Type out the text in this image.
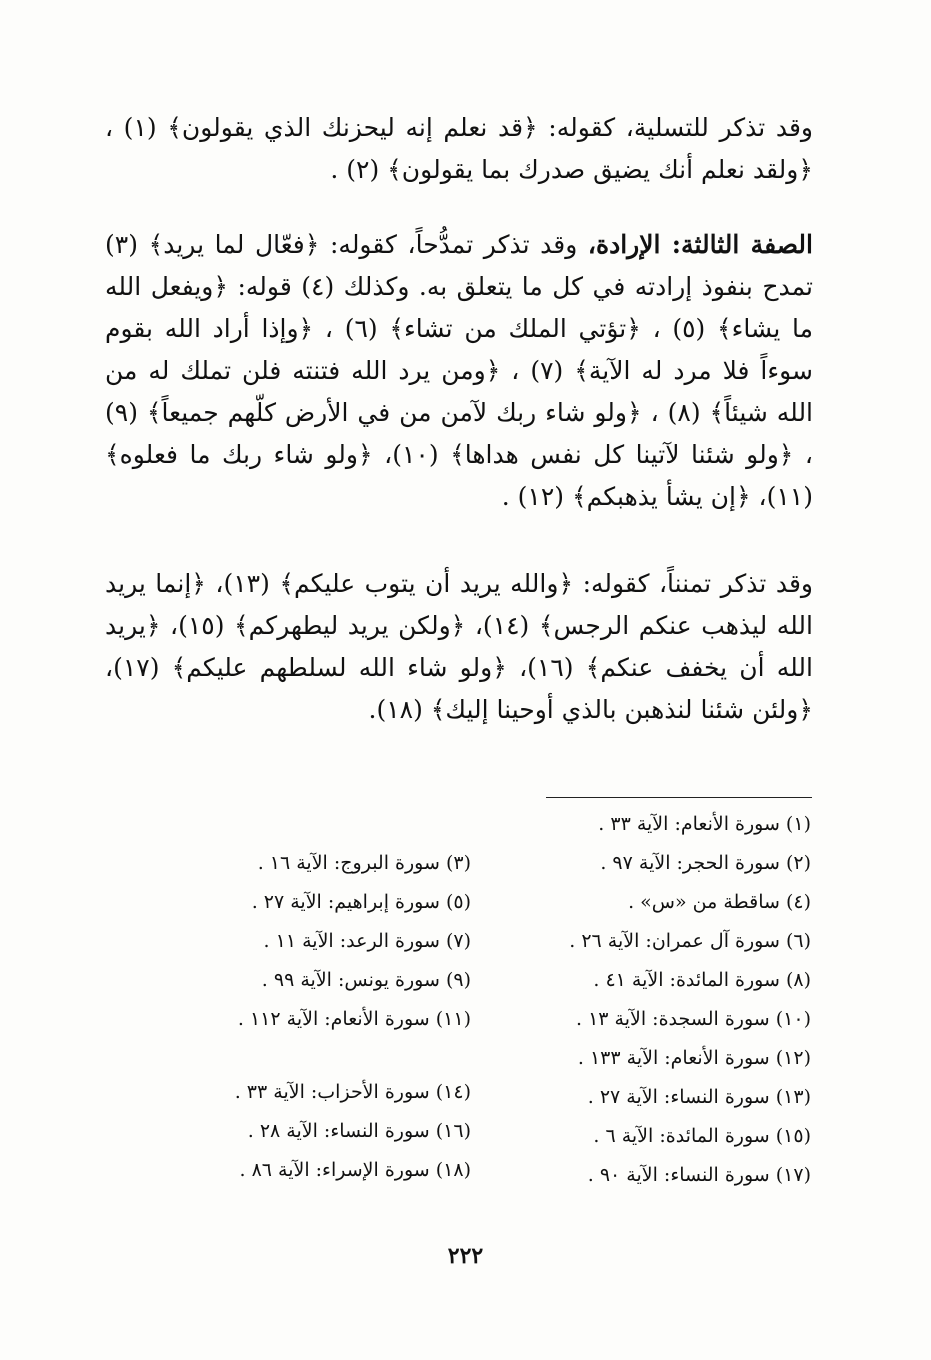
وقد تذكر للتسلية، كقوله: ﴿قد نعلم إنه ليحزنك الذي يقولون﴾ (١) ، ﴿ولقد نعلم أنك يضيق صدرك بما يقولون﴾ (٢) .

الصفة الثالثة: الإرادة، وقد تذكر تمدُّحاً، كقوله: ﴿فعّال لما يريد﴾ (٣) تمدح بنفوذ إرادته في كل ما يتعلق به. وكذلك (٤) قوله: ﴿ويفعل الله ما يشاء﴾ (٥) ، ﴿تؤتي الملك من تشاء﴾ (٦) ، ﴿وإذا أراد الله بقوم سوءاً فلا مرد له الآية﴾ (٧) ، ﴿ومن يرد الله فتنته فلن تملك له من الله شيئاً﴾ (٨) ، ﴿ولو شاء ربك لآمن من في الأرض كلّهم جميعاً﴾ (٩) ، ﴿ولو شئنا لآتينا كل نفس هداها﴾ (١٠)، ﴿ولو شاء ربك ما فعلوه﴾ (١١)، ﴿إن يشأ يذهبكم﴾ (١٢) .

وقد تذكر تمنناً، كقوله: ﴿والله يريد أن يتوب عليكم﴾ (١٣)، ﴿إنما يريد الله ليذهب عنكم الرجس﴾ (١٤)، ﴿ولكن يريد ليطهركم﴾ (١٥)، ﴿يريد الله أن يخفف عنكم﴾ (١٦)، ﴿ولو شاء الله لسلطهم عليكم﴾ (١٧)، ﴿ولئن شئنا لنذهبن بالذي أوحينا إليك﴾ (١٨).

(١) سورة الأنعام: الآية ٣٣ .

(٢) سورة الحجر: الآية ٩٧ .

(٤) ساقطة من «س» .

(٦) سورة آل عمران: الآية ٢٦ .

(٨) سورة المائدة: الآية ٤١ .

(١٠) سورة السجدة: الآية ١٣ .

(١٢) سورة الأنعام: الآية ١٣٣ .

(١٣) سورة النساء: الآية ٢٧ .

(١٥) سورة المائدة: الآية ٦ .

(١٧) سورة النساء: الآية ٩٠ .

(٣) سورة البروج: الآية ١٦ .

(٥) سورة إبراهيم: الآية ٢٧ .

(٧) سورة الرعد: الآية ١١ .

(٩) سورة يونس: الآية ٩٩ .

(١١) سورة الأنعام: الآية ١١٢ .

(١٤) سورة الأحزاب: الآية ٣٣ .

(١٦) سورة النساء: الآية ٢٨ .

(١٨) سورة الإسراء: الآية ٨٦ .

٢٢٢
